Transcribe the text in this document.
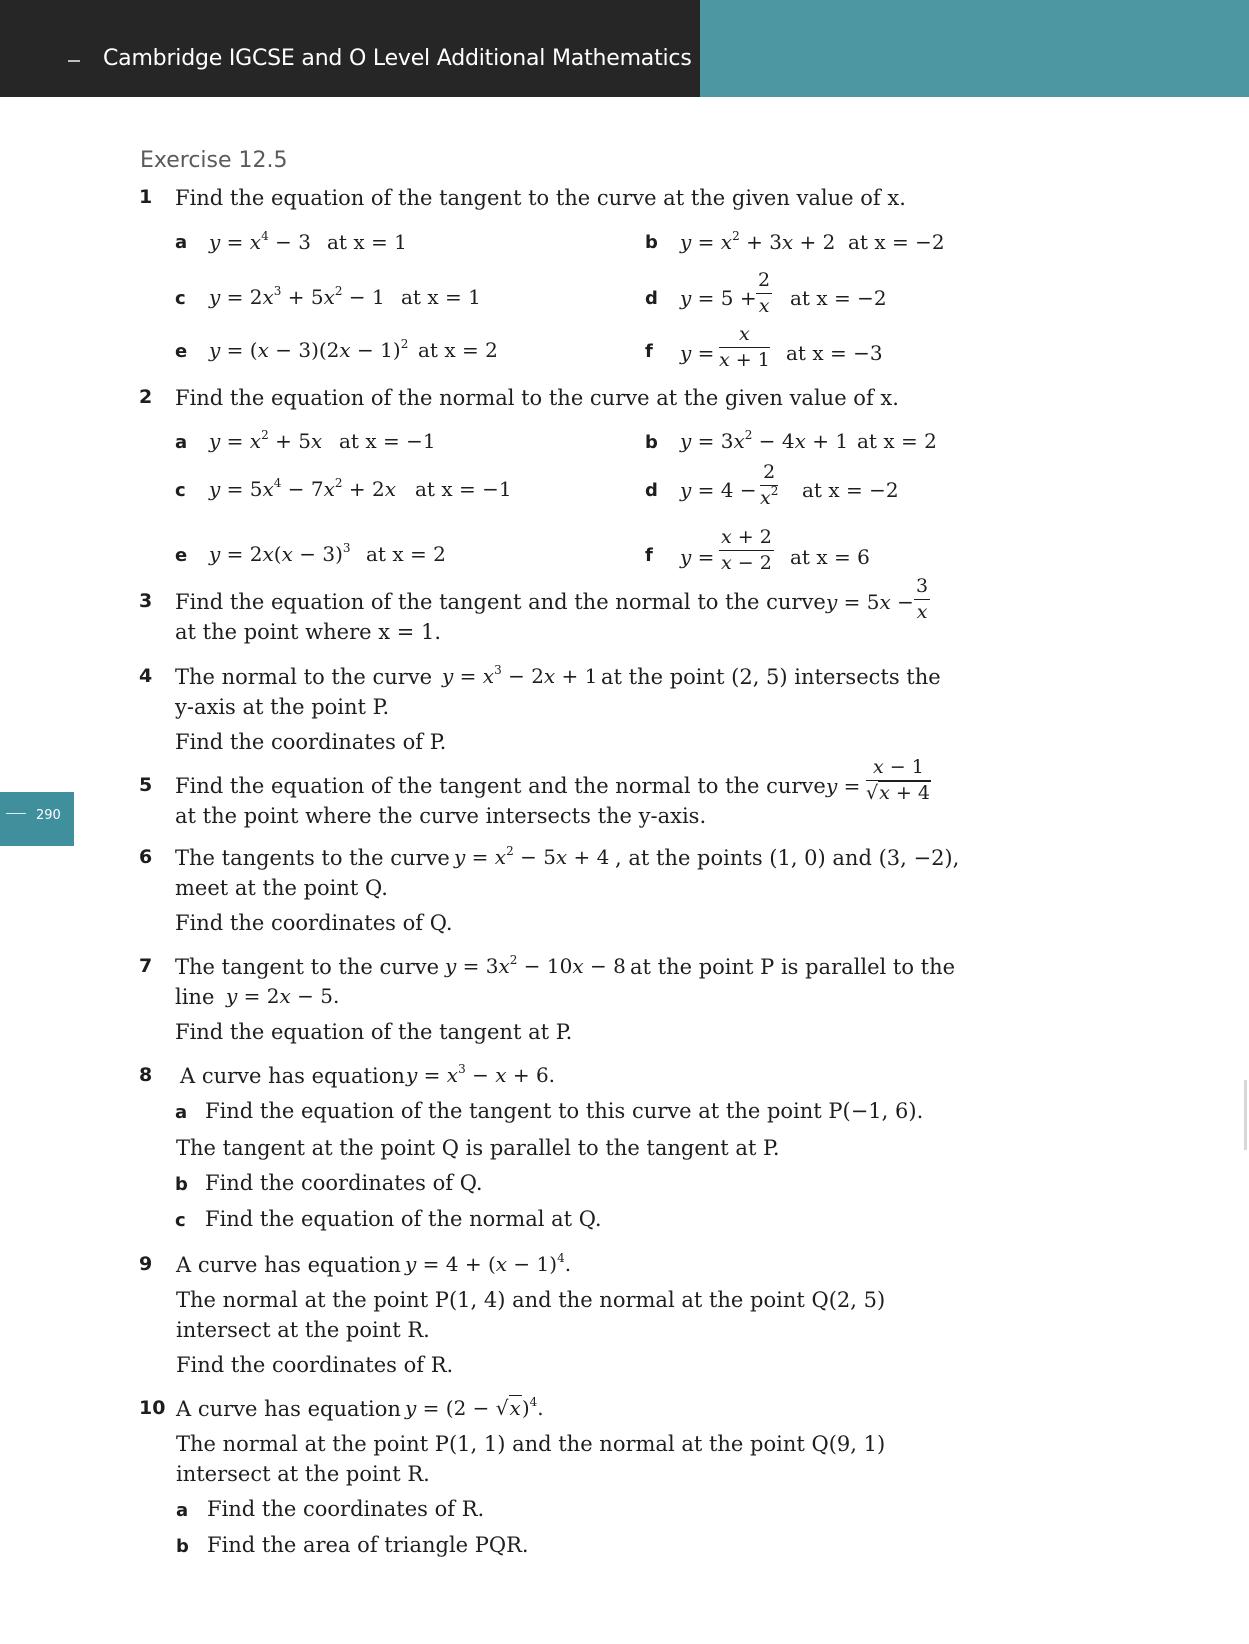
Cambridge IGCSE and O Level Additional Mathematics
290
Exercise 12.5
1 Find the equation of the tangent to the curve at the given value of x.
a $y = x^4 - 3$ at x = 1	b $y = x^2 + 3x + 2$ at x = −2
c $y = 2x^3 + 5x^2 - 1$ at x = 1	d $y = 5 + \frac{2}{x}$ at x = −2
e $y = (x - 3)(2x - 1)^2$ at x = 2	f $y = \frac{x}{x + 1}$ at x = −3
2 Find the equation of the normal to the curve at the given value of x.
a $y = x^2 + 5x$ at x = −1	b $y = 3x^2 - 4x + 1$ at x = 2
c $y = 5x^4 - 7x^2 + 2x$ at x = −1	d $y = 4 - \frac{2}{x^2}$ at x = −2
e $y = 2x(x - 3)^3$ at x = 2	f $y = \frac{x + 2}{x - 2}$ at x = 6
3 Find the equation of the tangent and the normal to the curve $y = 5x - \frac{3}{x}$
at the point where x = 1.
4 The normal to the curve $y = x^3 - 2x + 1$ at the point (2, 5) intersects the
y-axis at the point P.
Find the coordinates of P.
5 Find the equation of the tangent and the normal to the curve $y = \frac{x - 1}{√x + 4}$
at the point where the curve intersects the y-axis.
6 The tangents to the curve $y = x^2 - 5x + 4$ , at the points (1, 0) and (3, −2),
meet at the point Q.
Find the coordinates of Q.
7 The tangent to the curve $y = 3x^2 - 10x - 8$ at the point P is parallel to the
line y = 2x − 5.
Find the equation of the tangent at P.
8 A curve has equation $y = x^3 - x + 6$.
a Find the equation of the tangent to this curve at the point P(−1, 6).
The tangent at the point Q is parallel to the tangent at P.
b Find the coordinates of Q.
c Find the equation of the normal at Q.
9 A curve has equation $y = 4 + (x - 1)^4$.
The normal at the point P(1, 4) and the normal at the point Q(2, 5)
intersect at the point R.
Find the coordinates of R.
10 A curve has equation $y = (2 - √x)^4$.
The normal at the point P(1, 1) and the normal at the point Q(9, 1)
intersect at the point R.
a Find the coordinates of R.
b Find the area of triangle PQR.
